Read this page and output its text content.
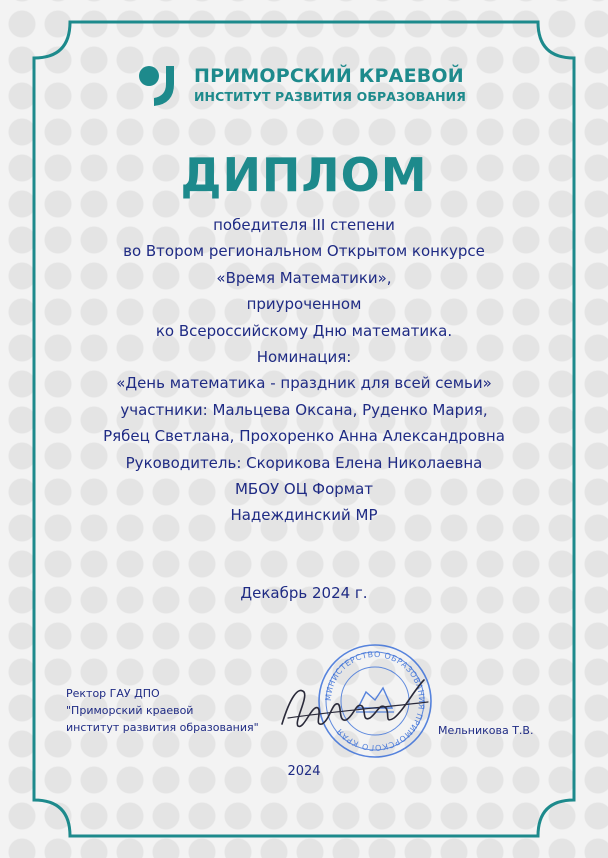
ПРИМОРСКИЙ КРАЕВОЙ
ИНСТИТУТ РАЗВИТИЯ ОБРАЗОВАНИЯ
ДИПЛОМ
победителя III степени
во Втором региональном Открытом конкурсе
«Время Математики»,
приуроченном
ко Всероссийскому Дню математика.
Номинация:
«День математика - праздник для всей семьи»
участники: Мальцева Оксана, Руденко Мария,
Рябец Светлана, Прохоренко Анна Александровна
Руководитель: Скорикова Елена Николаевна
МБОУ ОЦ Формат
Надеждинский МР
Декабрь 2024 г.
Ректор ГАУ ДПО
"Приморский краевой
институт развития образования"
МИНИСТЕРСТВО ОБРАЗОВАНИЯ ПРИМОРСКОГО КРАЯ	Мельникова Т.В.
2024
